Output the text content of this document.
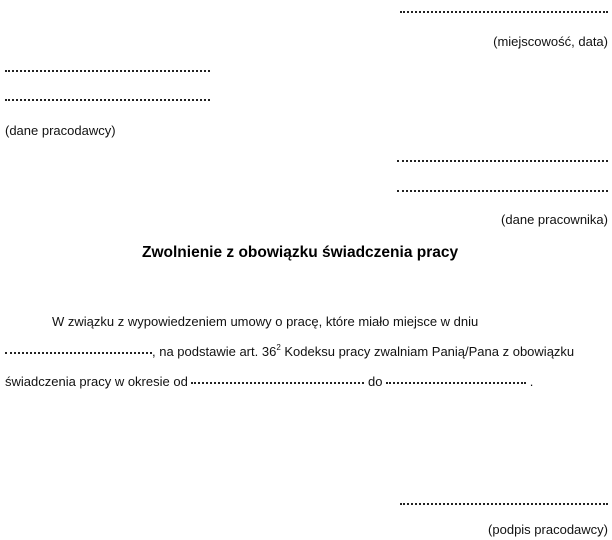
(miejscowość, data)
(dane pracodawcy)
(dane pracownika)
Zwolnienie z obowiązku świadczenia pracy
W związku z wypowiedzeniem umowy o pracę, które miało miejsce w dniu
, na podstawie art. $36^2$ Kodeksu pracy zwalniam Panią/Pana z obowiązku
świadczenia pracy w okresie od	do	.
(podpis pracodawcy)
